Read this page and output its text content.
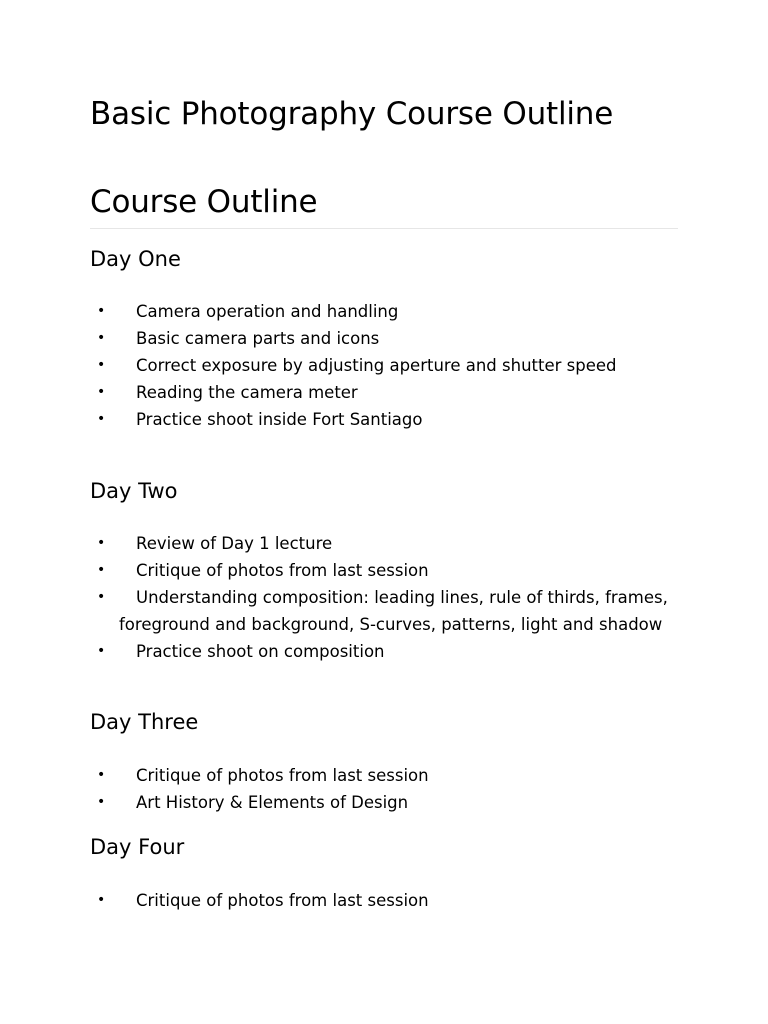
Basic Photography Course Outline
Course Outline
Day One
• Camera operation and handling
• Basic camera parts and icons
• Correct exposure by adjusting aperture and shutter speed
• Reading the camera meter
• Practice shoot inside Fort Santiago
Day Two
• Review of Day 1 lecture
• Critique of photos from last session
• Understanding composition: leading lines, rule of thirds, frames, foreground and background, S-curves, patterns, light and shadow
• Practice shoot on composition
Day Three
• Critique of photos from last session
• Art History & Elements of Design
Day Four
• Critique of photos from last session
